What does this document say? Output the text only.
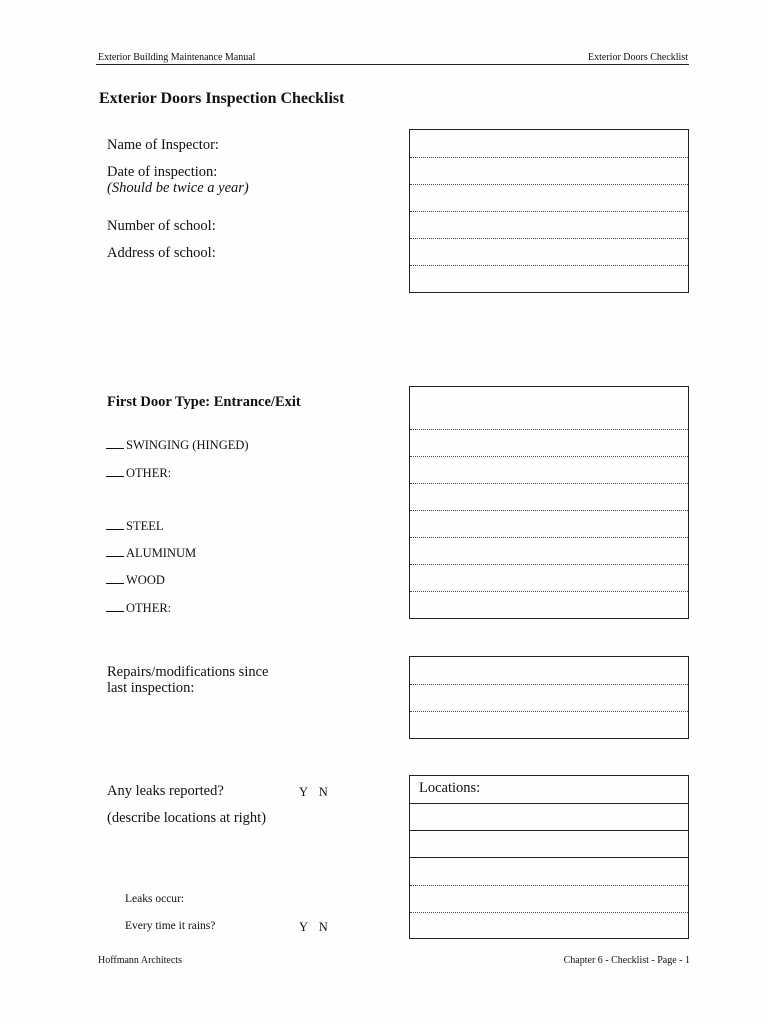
Exterior Building Maintenance Manual	Exterior Doors Checklist
Exterior Doors Inspection Checklist
Name of Inspector:
Date of inspection:
(Should be twice a year)
Number of school:
Address of school:
First Door Type: Entrance/Exit
SWINGING (HINGED)
OTHER:
STEEL
ALUMINUM
WOOD
OTHER:
Repairs/modifications since
last inspection:
Any leaks reported?	Y N
(describe locations at right)
Leaks occur:
Every time it rains?	Y N
Locations:
Hoffmann Architects	Chapter 6 - Checklist - Page - 1
